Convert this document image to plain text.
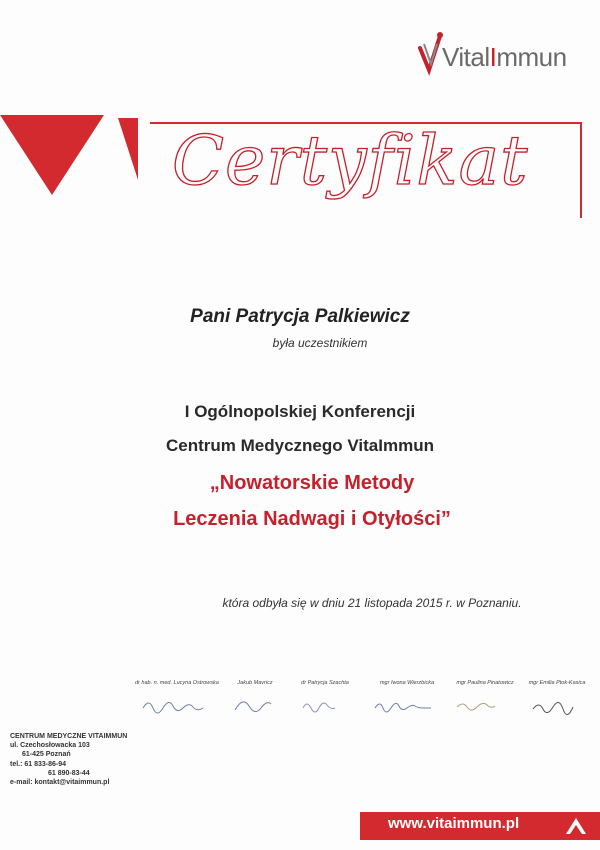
VitalImmun
Certyfikat
Pani Patrycja Palkiewicz
była uczestnikiem
I Ogólnopolskiej Konferencji
Centrum Medycznego VitaImmun
„Nowatorskie Metody
Leczenia Nadwagi i Otyłości”
która odbyła się w dniu 21 listopada 2015 r. w Poznaniu.
dr hab. n. med. Lucyna Ostrowska	Jakub Mavricz	dr Patrycja Szachta	mgr Iwona Wierzbicka	mgr Paulina Pinatowicz	mgr Emilia Ptok-Kasica
CENTRUM MEDYCZNE VITAIMMUN
ul. Czechosłowacka 103
61-425 Poznań
tel.: 61 833-86-94
61 890-83-44
e-mail: kontakt@vitaimmun.pl
www.vitaimmun.pl
